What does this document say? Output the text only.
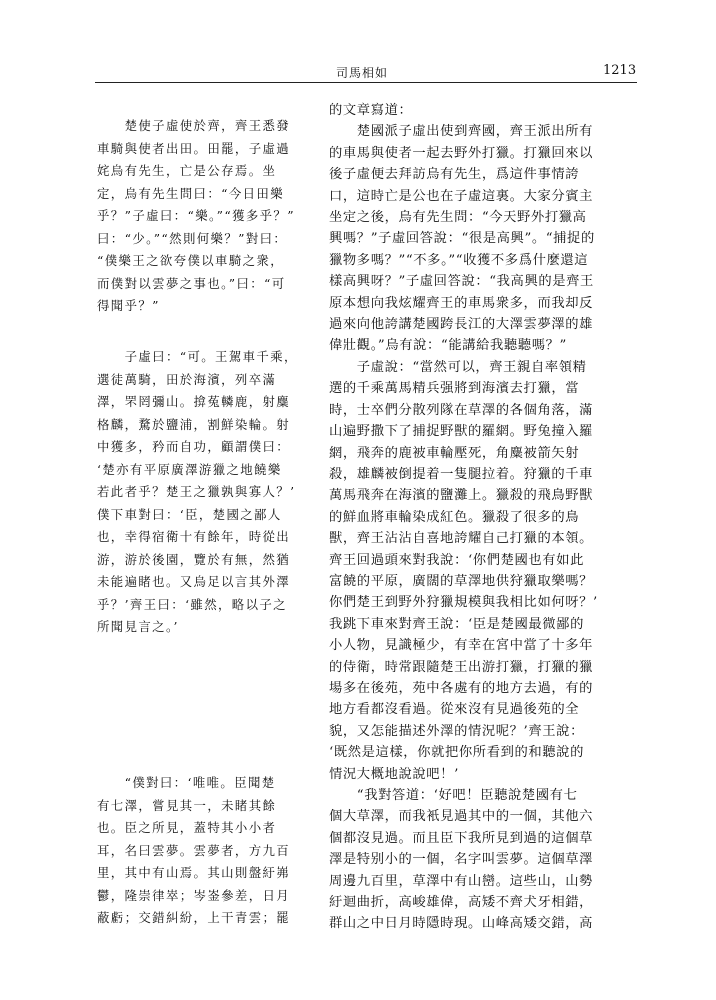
司馬相如	1213

　　楚使子虛使於齊，齊王悉發
車騎與使者出田。田罷，子虛過
姹烏有先生，亡是公存焉。坐
定，烏有先生問曰：“今日田樂
乎？”子虛曰：“樂。”“獲多乎？”
曰：“少。”“然則何樂？”對曰：
“僕樂王之欲夸僕以車騎之衆，
而僕對以雲夢之事也。”曰：“可
得聞乎？”

　　子虛曰：“可。王駕車千乘，
選徒萬騎，田於海濱，列卒滿
澤，罘罔彌山。揜菟轔鹿，射麋
格麟，騖於鹽浦，割鮮染輪。射
中獲多，矜而自功，顧謂僕曰：
‘楚亦有平原廣澤游獵之地饒樂
若此者乎？楚王之獵孰與寡人？’
僕下車對曰：‘臣，楚國之鄙人
也，幸得宿衛十有餘年，時從出
游，游於後園，覽於有無，然猶
未能遍睹也。又烏足以言其外澤
乎？’齊王曰：‘雖然，略以子之
所聞見言之。’

　　“僕對曰：‘唯唯。臣聞楚
有七澤，嘗見其一，未睹其餘
也。臣之所見，蓋特其小小者
耳，名曰雲夢。雲夢者，方九百
里，其中有山焉。其山則盤紆岪
鬱，隆崇律崒；岑崟參差，日月
蔽虧；交錯糾紛，上干青雲；罷

的文章寫道：

　　楚國派子虛出使到齊國，齊王派出所有
的車馬與使者一起去野外打獵。打獵回來以
後子虛便去拜訪烏有先生，爲這件事情誇
口，這時亡是公也在子虛這裏。大家分賓主
坐定之後，烏有先生問：“今天野外打獵高
興嗎？”子虛回答說：“很是高興”。“捕捉的
獵物多嗎？”“不多。”“收獲不多爲什麼還這
樣高興呀？”子虛回答說：“我高興的是齊王
原本想向我炫耀齊王的車馬衆多，而我却反
過來向他誇講楚國跨長江的大澤雲夢澤的雄
偉壯觀。”烏有說：“能講給我聽聽嗎？”

　　子虛說：“當然可以，齊王親自率領精
選的千乘萬馬精兵强將到海濱去打獵，當
時，士卒們分散列隊在草澤的各個角落，滿
山遍野撒下了捕捉野獸的羅網。野兔撞入羅
網，飛奔的鹿被車輪壓死，角麋被箭矢射
殺，雄麟被倒提着一隻腿拉着。狩獵的千車
萬馬飛奔在海濱的鹽灘上。獵殺的飛鳥野獸
的鮮血將車輪染成紅色。獵殺了很多的鳥
獸，齊王沾沾自喜地誇耀自己打獵的本領。
齊王回過頭來對我說：‘你們楚國也有如此
富饒的平原，廣闊的草澤地供狩獵取樂嗎？
你們楚王到野外狩獵規模與我相比如何呀？’
我跳下車來對齊王說：‘臣是楚國最微鄙的
小人物，見識極少，有幸在宮中當了十多年
的侍衛，時常跟隨楚王出游打獵，打獵的獵
場多在後苑，苑中各處有的地方去過，有的
地方看都沒看過。從來沒有見過後苑的全
貌，又怎能描述外澤的情況呢？’齊王說：
‘既然是這樣，你就把你所看到的和聽說的
情況大概地說說吧！’

　　“我對答道：‘好吧！臣聽說楚國有七
個大草澤，而我衹見過其中的一個，其他六
個都沒見過。而且臣下我所見到過的這個草
澤是特别小的一個，名字叫雲夢。這個草澤
周邊九百里，草澤中有山巒。這些山，山勢
紆迴曲折，高峻雄偉，高矮不齊犬牙相錯，
群山之中日月時隱時現。山峰高矮交錯，高
